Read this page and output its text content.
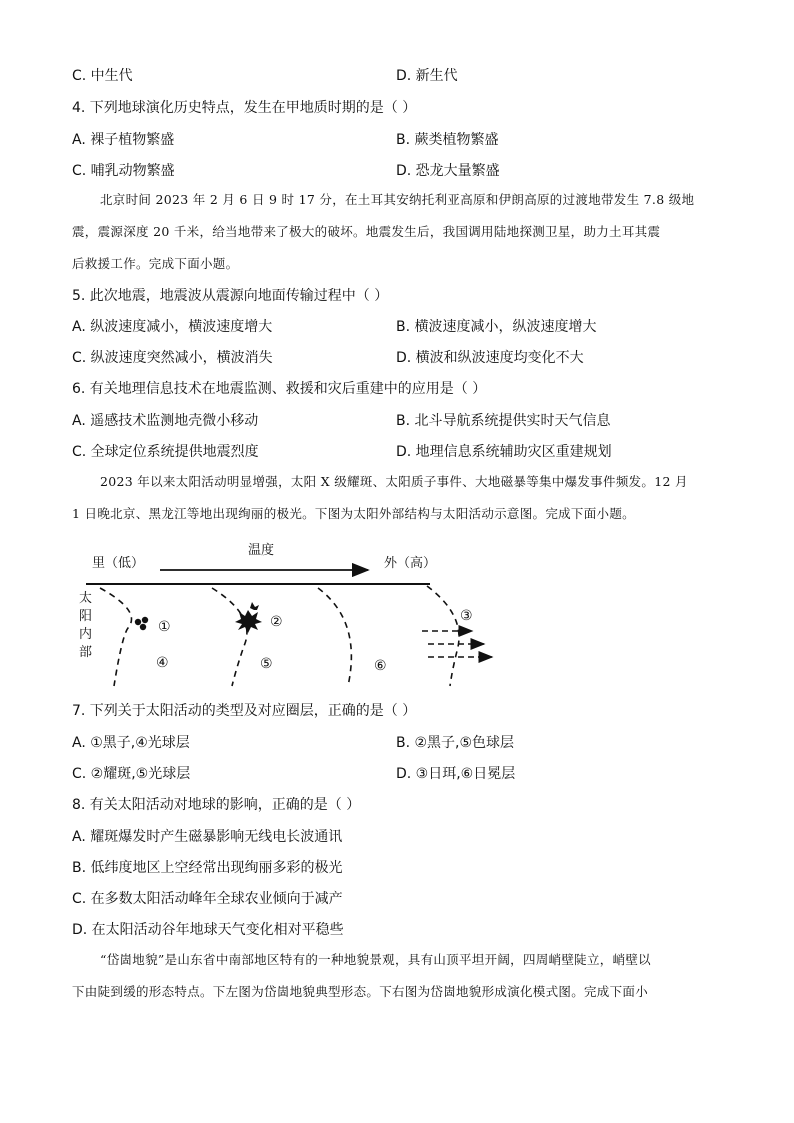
C. 中生代	D. 新生代
4. 下列地球演化历史特点，发生在甲地质时期的是（ ）
A. 裸子植物繁盛	B. 蕨类植物繁盛
C. 哺乳动物繁盛	D. 恐龙大量繁盛

北京时间 2023 年 2 月 6 日 9 时 17 分，在土耳其安纳托利亚高原和伊朗高原的过渡地带发生 7.8 级地

震，震源深度 20 千米，给当地带来了极大的破坏。地震发生后，我国调用陆地探测卫星，助力土耳其震

后救援工作。完成下面小题。

5. 此次地震，地震波从震源向地面传输过程中（ ）
A. 纵波速度减小，横波速度增大	B. 横波速度减小，纵波速度增大
C. 纵波速度突然减小，横波消失	D. 横波和纵波速度均变化不大
6. 有关地理信息技术在地震监测、救援和灾后重建中的应用是（ ）
A. 遥感技术监测地壳微小移动	B. 北斗导航系统提供实时天气信息
C. 全球定位系统提供地震烈度	D. 地理信息系统辅助灾区重建规划

2023 年以来太阳活动明显增强，太阳 X 级耀斑、太阳质子事件、大地磁暴等集中爆发事件频发。12 月

1 日晚北京、黑龙江等地出现绚丽的极光。下图为太阳外部结构与太阳活动示意图。完成下面小题。

里（低）
温度
外（高）
太
阳
内
部
①	②	③
④	⑤	⑥
7. 下列关于太阳活动的类型及对应圈层，正确的是（ ）
A. ①黑子,④光球层	B. ②黑子,⑤色球层
C. ②耀斑,⑤光球层	D. ③日珥,⑥日冕层
8. 有关太阳活动对地球的影响，正确的是（ ）
A. 耀斑爆发时产生磁暴影响无线电长波通讯
B. 低纬度地区上空经常出现绚丽多彩的极光
C. 在多数太阳活动峰年全球农业倾向于减产
D. 在太阳活动谷年地球天气变化相对平稳些

“岱崮地貌”是山东省中南部地区特有的一种地貌景观，具有山顶平坦开阔，四周峭壁陡立，峭壁以

下由陡到缓的形态特点。下左图为岱崮地貌典型形态。下右图为岱崮地貌形成演化模式图。完成下面小
